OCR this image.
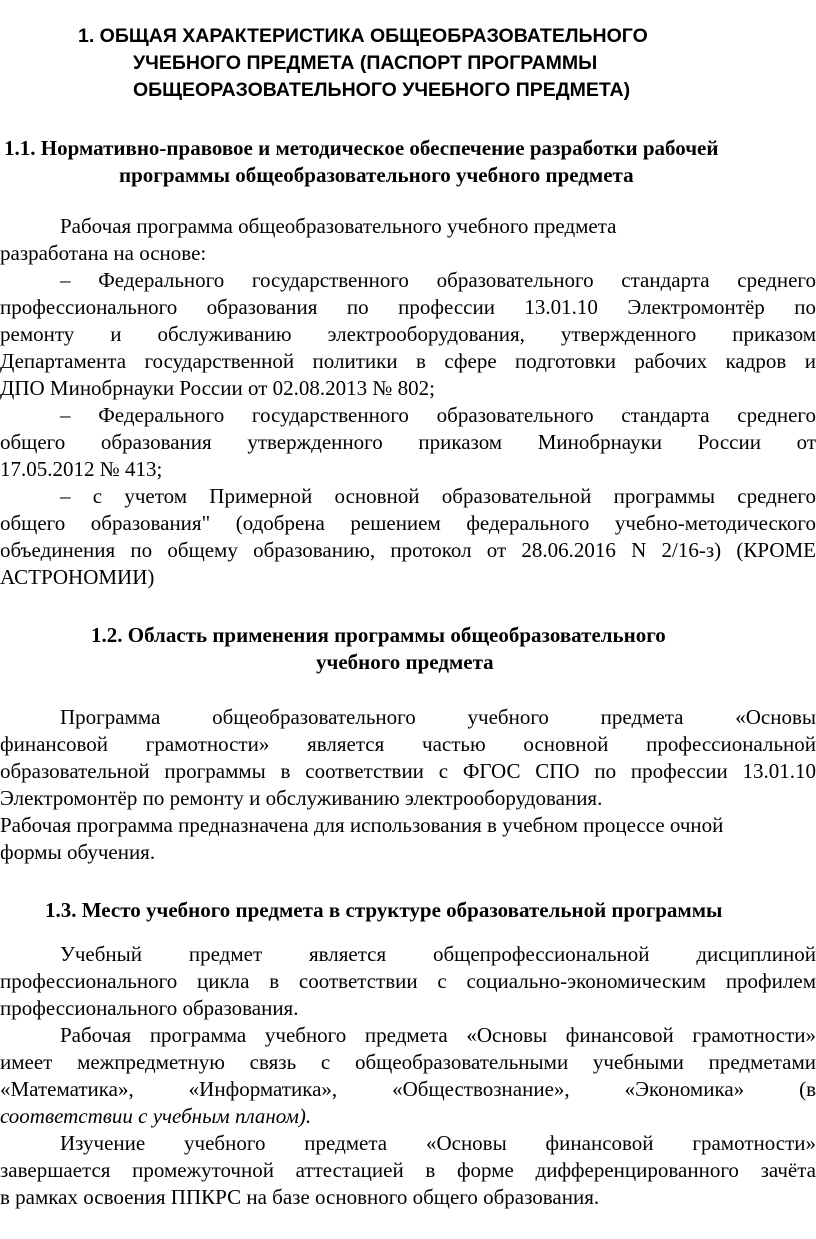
1. ОБЩАЯ ХАРАКТЕРИСТИКА ОБЩЕОБРАЗОВАТЕЛЬНОГО
УЧЕБНОГО ПРЕДМЕТА (ПАСПОРТ ПРОГРАММЫ
ОБЩЕОРАЗОВАТЕЛЬНОГО УЧЕБНОГО ПРЕДМЕТА)
1.1. Нормативно-правовое и методическое обеспечение разработки рабочей
программы общеобразовательного учебного предмета
Рабочая программа общеобразовательного учебного предмета
разработана на основе:
– Федерального государственного образовательного стандарта среднего
профессионального образования по профессии 13.01.10 Электромонтёр по
ремонту и обслуживанию электрооборудования, утвержденного приказом
Департамента государственной политики в сфере подготовки рабочих кадров и
ДПО Минобрнауки России от 02.08.2013 № 802;
– Федерального государственного образовательного стандарта среднего
общего образования утвержденного приказом Минобрнауки России от
17.05.2012 № 413;
– с учетом Примерной основной образовательной программы среднего
общего образования" (одобрена решением федерального учебно-методического
объединения по общему образованию, протокол от 28.06.2016 N 2/16-з) (КРОМЕ
АСТРОНОМИИ)
1.2. Область применения программы общеобразовательного
учебного предмета
Программа общеобразовательного учебного предмета «Основы
финансовой грамотности» является частью основной профессиональной
образовательной программы в соответствии с ФГОС СПО по профессии 13.01.10
Электромонтёр по ремонту и обслуживанию электрооборудования.
Рабочая программа предназначена для использования в учебном процессе очной
формы обучения.
1.3. Место учебного предмета в структуре образовательной программы
Учебный предмет является общепрофессиональной дисциплиной
профессионального цикла в соответствии с социально-экономическим профилем
профессионального образования.
Рабочая программа учебного предмета «Основы финансовой грамотности»
имеет межпредметную связь с общеобразовательными учебными предметами
«Математика», «Информатика», «Обществознание», «Экономика» (в
соответствии с учебным планом).
Изучение учебного предмета «Основы финансовой грамотности»
завершается промежуточной аттестацией в форме дифференцированного зачёта
в рамках освоения ППКРС на базе основного общего образования.
